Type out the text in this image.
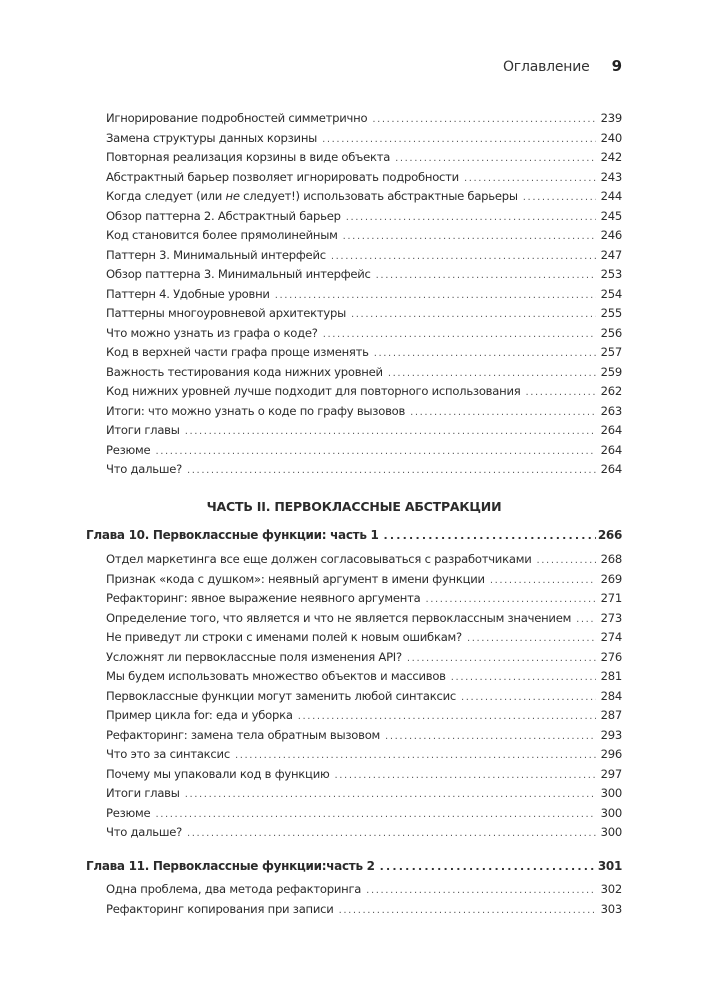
Оглавление 9
Игнорирование подробностей симметрично .....	239
Замена структуры данных корзины .....	240
Повторная реализация корзины в виде объекта .....	242
Абстрактный барьер позволяет игнорировать подробности .....	243
Когда следует (или не следует!) использовать абстрактные барьеры .....	244
Обзор паттерна 2. Абстрактный барьер .....	245
Код становится более прямолинейным .....	246
Паттерн 3. Минимальный интерфейс .....	247
Обзор паттерна 3. Минимальный интерфейс .....	253
Паттерн 4. Удобные уровни .....	254
Паттерны многоуровневой архитектуры .....	255
Что можно узнать из графа о коде? .....	256
Код в верхней части графа проще изменять .....	257
Важность тестирования кода нижних уровней .....	259
Код нижних уровней лучше подходит для повторного использования .....	262
Итоги: что можно узнать о коде по графу вызовов .....	263
Итоги главы .....	264
Резюме .....	264
Что дальше? .....	264
ЧАСТЬ II. ПЕРВОКЛАССНЫЕ АБСТРАКЦИИ
Глава 10. Первоклассные функции: часть 1 .....	266
Отдел маркетинга все еще должен согласовываться с разработчиками .....	268
Признак «кода с душком»: неявный аргумент в имени функции .....	269
Рефакторинг: явное выражение неявного аргумента .....	271
Определение того, что является и что не является первоклассным значением .....	273
Не приведут ли строки с именами полей к новым ошибкам? .....	274
Усложнят ли первоклассные поля изменения API? .....	276
Мы будем использовать множество объектов и массивов .....	281
Первоклассные функции могут заменить любой синтаксис .....	284
Пример цикла for: еда и уборка .....	287
Рефакторинг: замена тела обратным вызовом .....	293
Что это за синтаксис .....	296
Почему мы упаковали код в функцию .....	297
Итоги главы .....	300
Резюме .....	300
Что дальше? .....	300
Глава 11. Первоклассные функции:часть 2 .....	301
Одна проблема, два метода рефакторинга .....	302
Рефакторинг копирования при записи .....	303
